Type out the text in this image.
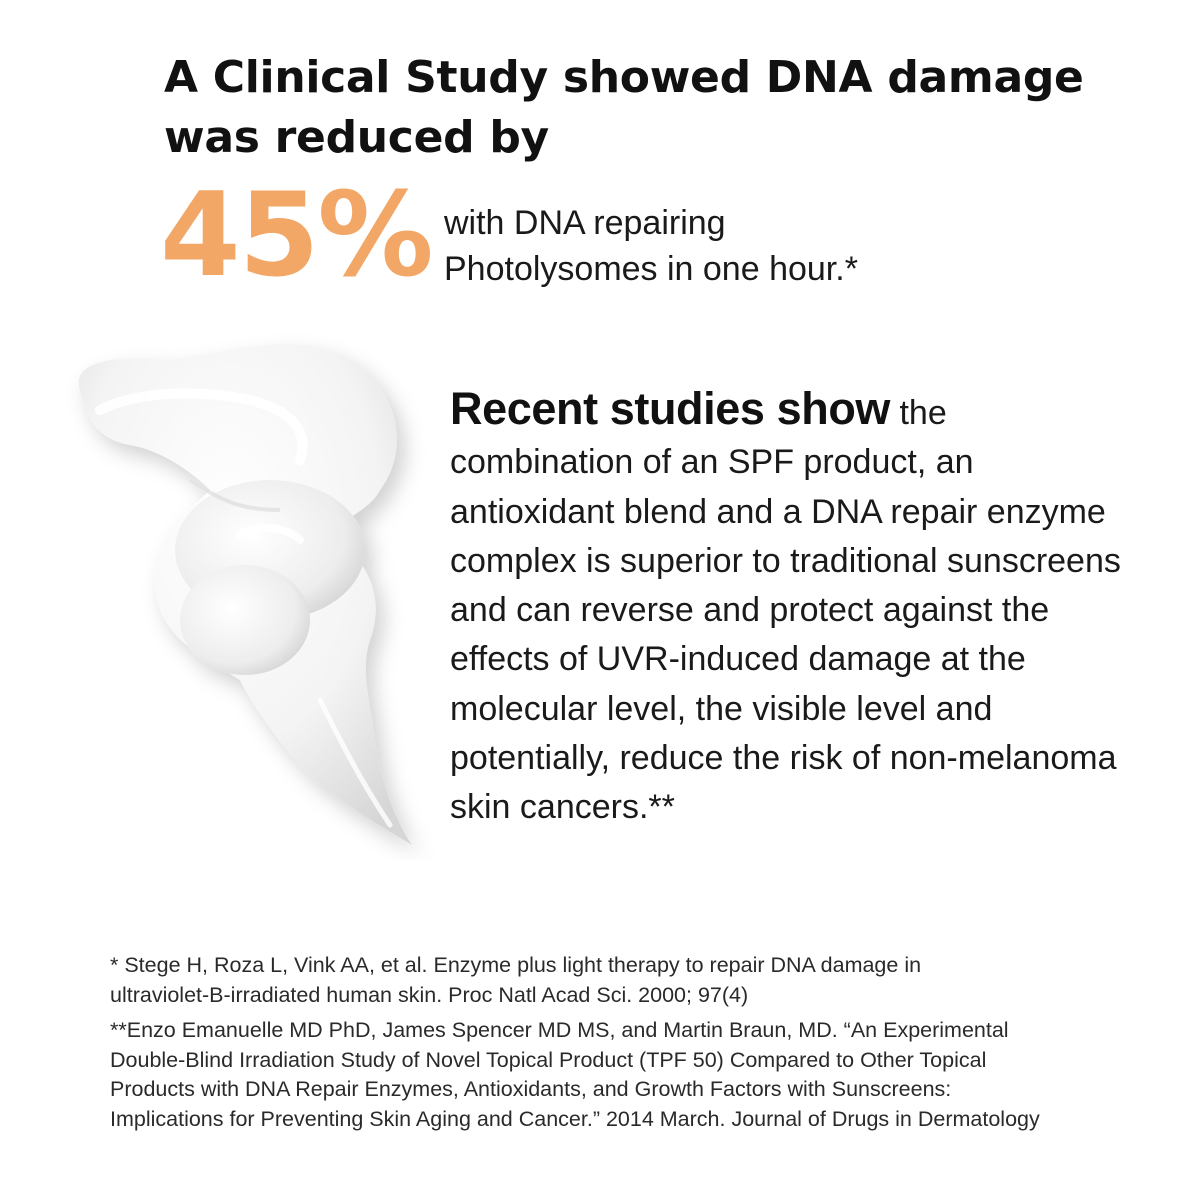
A Clinical Study showed DNA damage
was reduced by
45% with DNA repairing
Photolysomes in one hour.*
Recent studies show the
combination of an SPF product, an
antioxidant blend and a DNA repair enzyme
complex is superior to traditional sunscreens
and can reverse and protect against the
effects of UVR-induced damage at the
molecular level, the visible level and
potentially, reduce the risk of non-melanoma
skin cancers.**

* Stege H, Roza L, Vink AA, et al. Enzyme plus light therapy to repair DNA damage in
ultraviolet-B-irradiated human skin. Proc Natl Acad Sci. 2000; 97(4)

**Enzo Emanuelle MD PhD, James Spencer MD MS, and Martin Braun, MD. “An Experimental
Double-Blind Irradiation Study of Novel Topical Product (TPF 50) Compared to Other Topical
Products with DNA Repair Enzymes, Antioxidants, and Growth Factors with Sunscreens:
Implications for Preventing Skin Aging and Cancer.” 2014 March. Journal of Drugs in Dermatology
